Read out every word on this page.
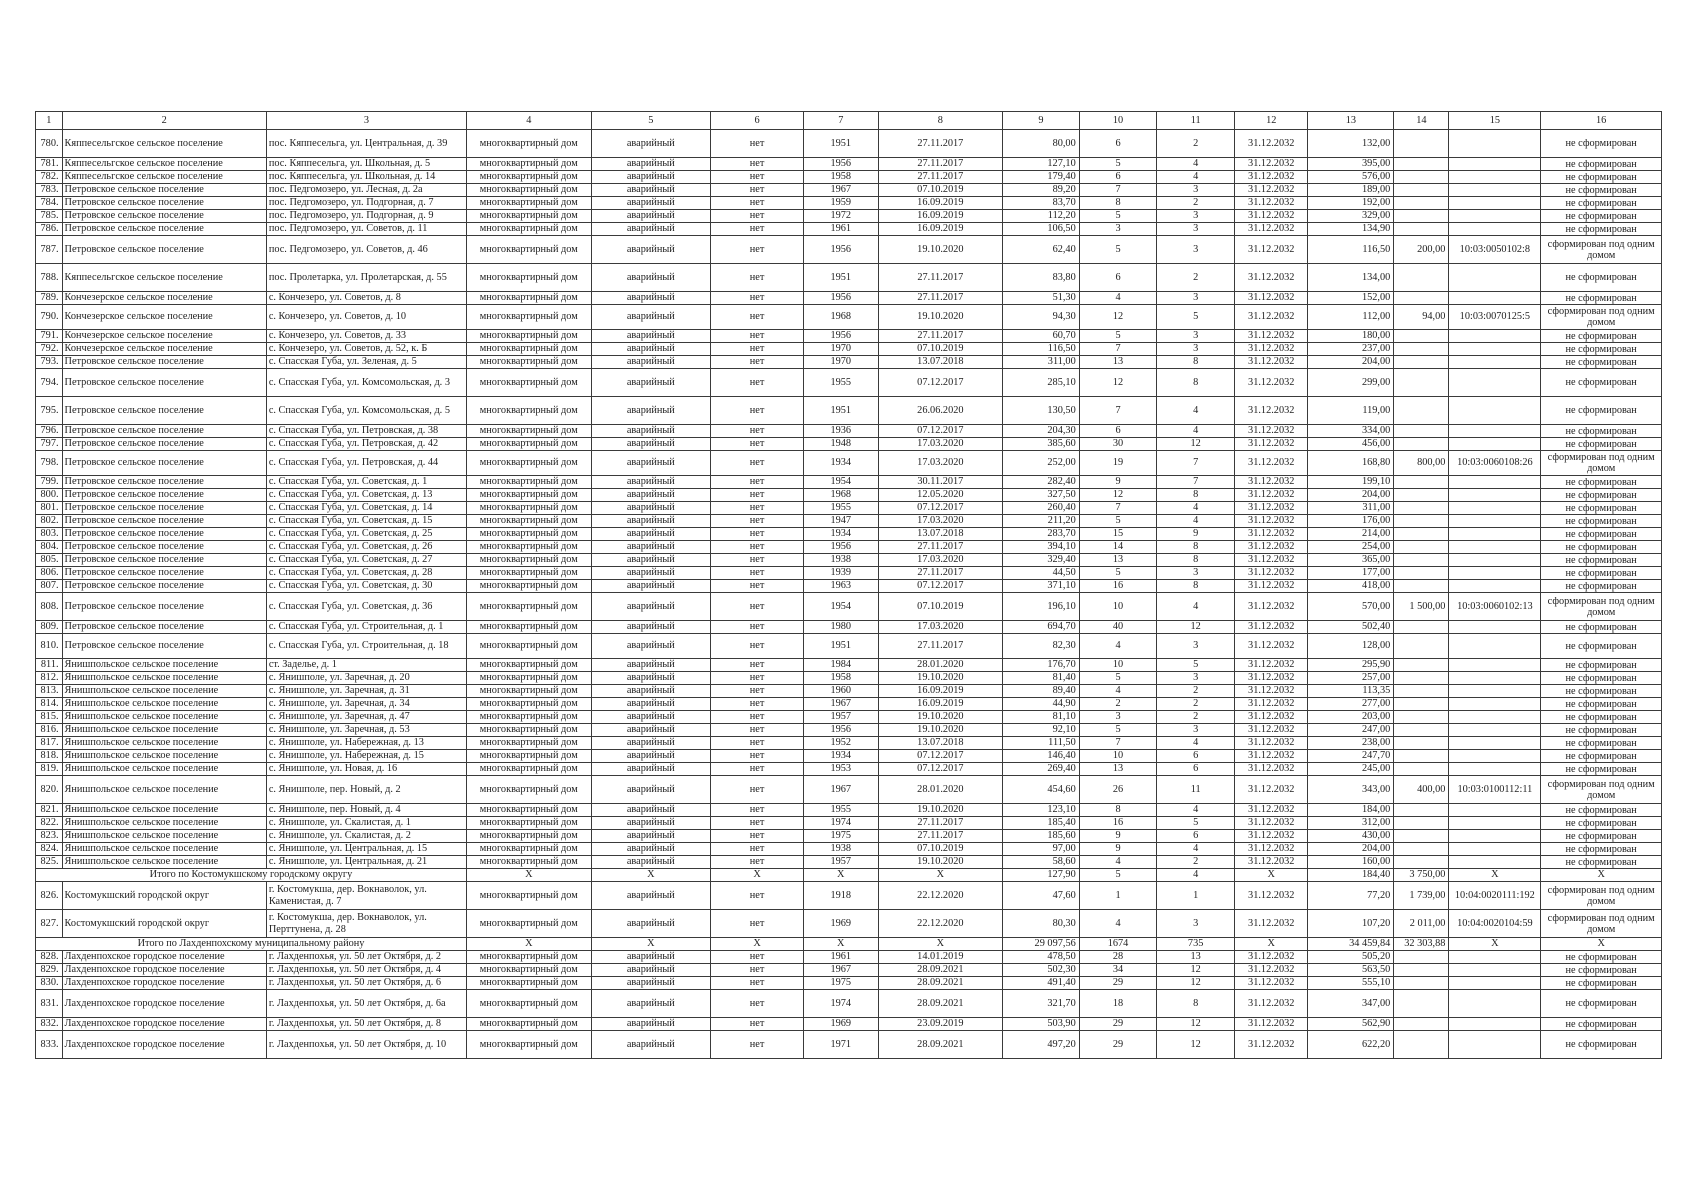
1	2	3	4	5	6	7	8	9	10	11	12	13	14	15	16
780.	Кяппесельгское сельское поселение	пос. Кяппесельга, ул. Центральная, д. 39	многоквартирный дом	аварийный	нет	1951	27.11.2017	80,00	6	2	31.12.2032	132,00			не сформирован
781.	Кяппесельгское сельское поселение	пос. Кяппесельга, ул. Школьная, д. 5	многоквартирный дом	аварийный	нет	1956	27.11.2017	127,10	5	4	31.12.2032	395,00			не сформирован
782.	Кяппесельгское сельское поселение	пос. Кяппесельга, ул. Школьная, д. 14	многоквартирный дом	аварийный	нет	1958	27.11.2017	179,40	6	4	31.12.2032	576,00			не сформирован
783.	Петровское сельское поселение	пос. Педгомозеро, ул. Лесная, д. 2а	многоквартирный дом	аварийный	нет	1967	07.10.2019	89,20	7	3	31.12.2032	189,00			не сформирован
784.	Петровское сельское поселение	пос. Педгомозеро, ул. Подгорная, д. 7	многоквартирный дом	аварийный	нет	1959	16.09.2019	83,70	8	2	31.12.2032	192,00			не сформирован
785.	Петровское сельское поселение	пос. Педгомозеро, ул. Подгорная, д. 9	многоквартирный дом	аварийный	нет	1972	16.09.2019	112,20	5	3	31.12.2032	329,00			не сформирован
786.	Петровское сельское поселение	пос. Педгомозеро, ул. Советов, д. 11	многоквартирный дом	аварийный	нет	1961	16.09.2019	106,50	3	3	31.12.2032	134,90			не сформирован
787.	Петровское сельское поселение	пос. Педгомозеро, ул. Советов, д. 46	многоквартирный дом	аварийный	нет	1956	19.10.2020	62,40	5	3	31.12.2032	116,50	200,00	10:03:0050102:8	сформирован под одним домом
788.	Кяппесельгское сельское поселение	пос. Пролетарка, ул. Пролетарская, д. 55	многоквартирный дом	аварийный	нет	1951	27.11.2017	83,80	6	2	31.12.2032	134,00			не сформирован
789.	Кончезерское сельское поселение	с. Кончезеро, ул. Советов, д. 8	многоквартирный дом	аварийный	нет	1956	27.11.2017	51,30	4	3	31.12.2032	152,00			не сформирован
790.	Кончезерское сельское поселение	с. Кончезеро, ул. Советов, д. 10	многоквартирный дом	аварийный	нет	1968	19.10.2020	94,30	12	5	31.12.2032	112,00	94,00	10:03:0070125:5	сформирован под одним домом
791.	Кончезерское сельское поселение	с. Кончезеро, ул. Советов, д. 33	многоквартирный дом	аварийный	нет	1956	27.11.2017	60,70	5	3	31.12.2032	180,00			не сформирован
792.	Кончезерское сельское поселение	с. Кончезеро, ул. Советов, д. 52, к. Б	многоквартирный дом	аварийный	нет	1970	07.10.2019	116,50	7	3	31.12.2032	237,00			не сформирован
793.	Петровское сельское поселение	с. Спасская Губа, ул. Зеленая, д. 5	многоквартирный дом	аварийный	нет	1970	13.07.2018	311,00	13	8	31.12.2032	204,00			не сформирован
794.	Петровское сельское поселение	с. Спасская Губа, ул. Комсомольская, д. 3	многоквартирный дом	аварийный	нет	1955	07.12.2017	285,10	12	8	31.12.2032	299,00			не сформирован
795.	Петровское сельское поселение	с. Спасская Губа, ул. Комсомольская, д. 5	многоквартирный дом	аварийный	нет	1951	26.06.2020	130,50	7	4	31.12.2032	119,00			не сформирован
796.	Петровское сельское поселение	с. Спасская Губа, ул. Петровская, д. 38	многоквартирный дом	аварийный	нет	1936	07.12.2017	204,30	6	4	31.12.2032	334,00			не сформирован
797.	Петровское сельское поселение	с. Спасская Губа, ул. Петровская, д. 42	многоквартирный дом	аварийный	нет	1948	17.03.2020	385,60	30	12	31.12.2032	456,00			не сформирован
798.	Петровское сельское поселение	с. Спасская Губа, ул. Петровская, д. 44	многоквартирный дом	аварийный	нет	1934	17.03.2020	252,00	19	7	31.12.2032	168,80	800,00	10:03:0060108:26	сформирован под одним домом
799.	Петровское сельское поселение	с. Спасская Губа, ул. Советская, д. 1	многоквартирный дом	аварийный	нет	1954	30.11.2017	282,40	9	7	31.12.2032	199,10			не сформирован
800.	Петровское сельское поселение	с. Спасская Губа, ул. Советская, д. 13	многоквартирный дом	аварийный	нет	1968	12.05.2020	327,50	12	8	31.12.2032	204,00			не сформирован
801.	Петровское сельское поселение	с. Спасская Губа, ул. Советская, д. 14	многоквартирный дом	аварийный	нет	1955	07.12.2017	260,40	7	4	31.12.2032	311,00			не сформирован
802.	Петровское сельское поселение	с. Спасская Губа, ул. Советская, д. 15	многоквартирный дом	аварийный	нет	1947	17.03.2020	211,20	5	4	31.12.2032	176,00			не сформирован
803.	Петровское сельское поселение	с. Спасская Губа, ул. Советская, д. 25	многоквартирный дом	аварийный	нет	1934	13.07.2018	283,70	15	9	31.12.2032	214,00			не сформирован
804.	Петровское сельское поселение	с. Спасская Губа, ул. Советская, д. 26	многоквартирный дом	аварийный	нет	1956	27.11.2017	394,10	14	8	31.12.2032	254,00			не сформирован
805.	Петровское сельское поселение	с. Спасская Губа, ул. Советская, д. 27	многоквартирный дом	аварийный	нет	1938	17.03.2020	329,40	13	8	31.12.2032	365,00			не сформирован
806.	Петровское сельское поселение	с. Спасская Губа, ул. Советская, д. 28	многоквартирный дом	аварийный	нет	1939	27.11.2017	44,50	5	3	31.12.2032	177,00			не сформирован
807.	Петровское сельское поселение	с. Спасская Губа, ул. Советская, д. 30	многоквартирный дом	аварийный	нет	1963	07.12.2017	371,10	16	8	31.12.2032	418,00			не сформирован
808.	Петровское сельское поселение	с. Спасская Губа, ул. Советская, д. 36	многоквартирный дом	аварийный	нет	1954	07.10.2019	196,10	10	4	31.12.2032	570,00	1 500,00	10:03:0060102:13	сформирован под одним домом
809.	Петровское сельское поселение	с. Спасская Губа, ул. Строительная, д. 1	многоквартирный дом	аварийный	нет	1980	17.03.2020	694,70	40	12	31.12.2032	502,40			не сформирован
810.	Петровское сельское поселение	с. Спасская Губа, ул. Строительная, д. 18	многоквартирный дом	аварийный	нет	1951	27.11.2017	82,30	4	3	31.12.2032	128,00			не сформирован
811.	Янишпольское сельское поселение	ст. Заделье, д. 1	многоквартирный дом	аварийный	нет	1984	28.01.2020	176,70	10	5	31.12.2032	295,90			не сформирован
812.	Янишпольское сельское поселение	с. Янишполе, ул. Заречная, д. 20	многоквартирный дом	аварийный	нет	1958	19.10.2020	81,40	5	3	31.12.2032	257,00			не сформирован
813.	Янишпольское сельское поселение	с. Янишполе, ул. Заречная, д. 31	многоквартирный дом	аварийный	нет	1960	16.09.2019	89,40	4	2	31.12.2032	113,35			не сформирован
814.	Янишпольское сельское поселение	с. Янишполе, ул. Заречная, д. 34	многоквартирный дом	аварийный	нет	1967	16.09.2019	44,90	2	2	31.12.2032	277,00			не сформирован
815.	Янишпольское сельское поселение	с. Янишполе, ул. Заречная, д. 47	многоквартирный дом	аварийный	нет	1957	19.10.2020	81,10	3	2	31.12.2032	203,00			не сформирован
816.	Янишпольское сельское поселение	с. Янишполе, ул. Заречная, д. 53	многоквартирный дом	аварийный	нет	1956	19.10.2020	92,10	5	3	31.12.2032	247,00			не сформирован
817.	Янишпольское сельское поселение	с. Янишполе, ул. Набережная, д. 13	многоквартирный дом	аварийный	нет	1952	13.07.2018	111,50	7	4	31.12.2032	238,00			не сформирован
818.	Янишпольское сельское поселение	с. Янишполе, ул. Набережная, д. 15	многоквартирный дом	аварийный	нет	1934	07.12.2017	146,40	10	6	31.12.2032	247,70			не сформирован
819.	Янишпольское сельское поселение	с. Янишполе, ул. Новая, д. 16	многоквартирный дом	аварийный	нет	1953	07.12.2017	269,40	13	6	31.12.2032	245,00			не сформирован
820.	Янишпольское сельское поселение	с. Янишполе, пер. Новый, д. 2	многоквартирный дом	аварийный	нет	1967	28.01.2020	454,60	26	11	31.12.2032	343,00	400,00	10:03:0100112:11	сформирован под одним домом
821.	Янишпольское сельское поселение	с. Янишполе, пер. Новый, д. 4	многоквартирный дом	аварийный	нет	1955	19.10.2020	123,10	8	4	31.12.2032	184,00			не сформирован
822.	Янишпольское сельское поселение	с. Янишполе, ул. Скалистая, д. 1	многоквартирный дом	аварийный	нет	1974	27.11.2017	185,40	16	5	31.12.2032	312,00			не сформирован
823.	Янишпольское сельское поселение	с. Янишполе, ул. Скалистая, д. 2	многоквартирный дом	аварийный	нет	1975	27.11.2017	185,60	9	6	31.12.2032	430,00			не сформирован
824.	Янишпольское сельское поселение	с. Янишполе, ул. Центральная, д. 15	многоквартирный дом	аварийный	нет	1938	07.10.2019	97,00	9	4	31.12.2032	204,00			не сформирован
825.	Янишпольское сельское поселение	с. Янишполе, ул. Центральная, д. 21	многоквартирный дом	аварийный	нет	1957	19.10.2020	58,60	4	2	31.12.2032	160,00			не сформирован
Итого по Костомукшскому городскому округу			X	X	X	X	X	127,90	5	4	X	184,40	3 750,00	X	X
826.	Костомукшский городской округ	г. Костомукша, дер. Вокнаволок, ул. Каменистая, д. 7	многоквартирный дом	аварийный	нет	1918	22.12.2020	47,60	1	1	31.12.2032	77,20	1 739,00	10:04:0020111:192	сформирован под одним домом
827.	Костомукшский городской округ	г. Костомукша, дер. Вокнаволок, ул. Перттунена, д. 28	многоквартирный дом	аварийный	нет	1969	22.12.2020	80,30	4	3	31.12.2032	107,20	2 011,00	10:04:0020104:59	сформирован под одним домом
Итого по Лахденпохскому муниципальному району			X	X	X	X	X	29 097,56	1674	735	X	34 459,84	32 303,88	X	X
828.	Лахденпохское городское поселение	г. Лахденпохья, ул. 50 лет Октября, д. 2	многоквартирный дом	аварийный	нет	1961	14.01.2019	478,50	28	13	31.12.2032	505,20			не сформирован
829.	Лахденпохское городское поселение	г. Лахденпохья, ул. 50 лет Октября, д. 4	многоквартирный дом	аварийный	нет	1967	28.09.2021	502,30	34	12	31.12.2032	563,50			не сформирован
830.	Лахденпохское городское поселение	г. Лахденпохья, ул. 50 лет Октября, д. 6	многоквартирный дом	аварийный	нет	1975	28.09.2021	491,40	29	12	31.12.2032	555,10			не сформирован
831.	Лахденпохское городское поселение	г. Лахденпохья, ул. 50 лет Октября, д. 6а	многоквартирный дом	аварийный	нет	1974	28.09.2021	321,70	18	8	31.12.2032	347,00			не сформирован
832.	Лахденпохское городское поселение	г. Лахденпохья, ул. 50 лет Октября, д. 8	многоквартирный дом	аварийный	нет	1969	23.09.2019	503,90	29	12	31.12.2032	562,90			не сформирован
833.	Лахденпохское городское поселение	г. Лахденпохья, ул. 50 лет Октября, д. 10	многоквартирный дом	аварийный	нет	1971	28.09.2021	497,20	29	12	31.12.2032	622,20			не сформирован
